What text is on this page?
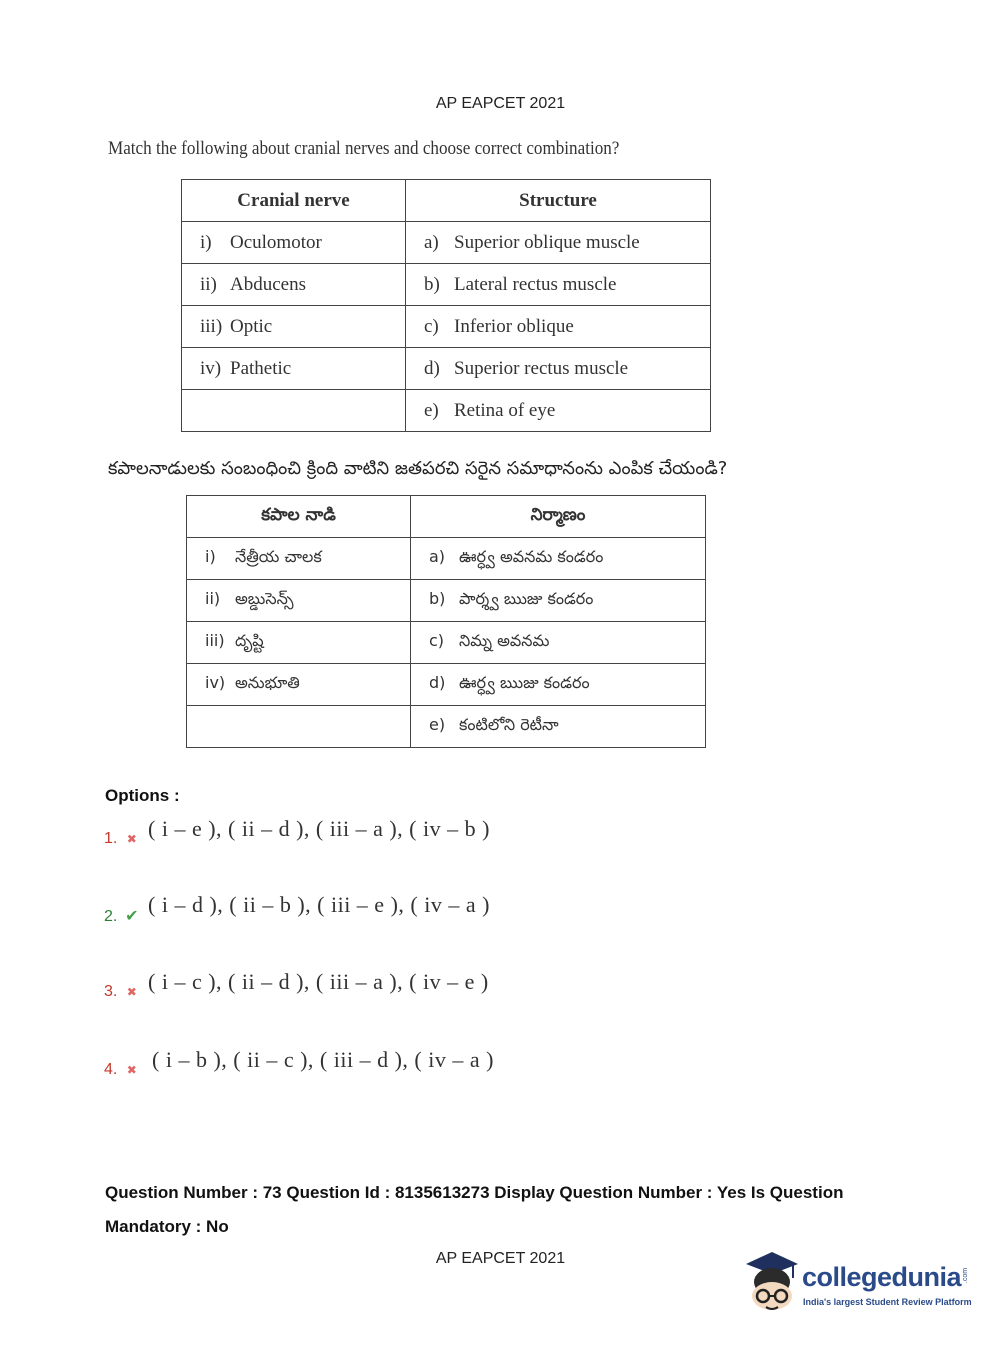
AP EAPCET 2021
Match the following about cranial nerves and choose correct combination?
Cranial nerve	Structure
i) Oculomotor	a) Superior oblique muscle
ii) Abducens	b) Lateral rectus muscle
iii) Optic	c) Inferior oblique
iv) Pathetic	d) Superior rectus muscle
	e) Retina of eye
కపాలనాడులకు సంబంధించి క్రింది వాటిని జతపరచి సరైన సమాధానంను ఎంపిక చేయండి?
కపాల నాడి	నిర్మాణం
i) నేత్రీయ చాలక	a) ఊర్ధ్వ అవనమ కండరం
ii) అబ్డుసెన్స్	b) పార్శ్వ ఋజు కండరం
iii) దృష్టి	c) నిమ్న అవనమ
iv) అనుభూతి	d) ఊర్ధ్వ ఋజు కండరం
	e) కంటిలోని రెటీనా
Options :
1. ✖ ( i – e ), ( ii – d ), ( iii – a ), ( iv – b )
2. ✔ ( i – d ), ( ii – b ), ( iii – e ), ( iv – a )
3. ✖ ( i – c ), ( ii – d ), ( iii – a ), ( iv – e )
4. ✖ ( i – b ), ( ii – c ), ( iii – d ), ( iv – a )
Question Number : 73 Question Id : 8135613273 Display Question Number : Yes Is Question Mandatory : No
AP EAPCET 2021
collegedunia .com
India's largest Student Review Platform
